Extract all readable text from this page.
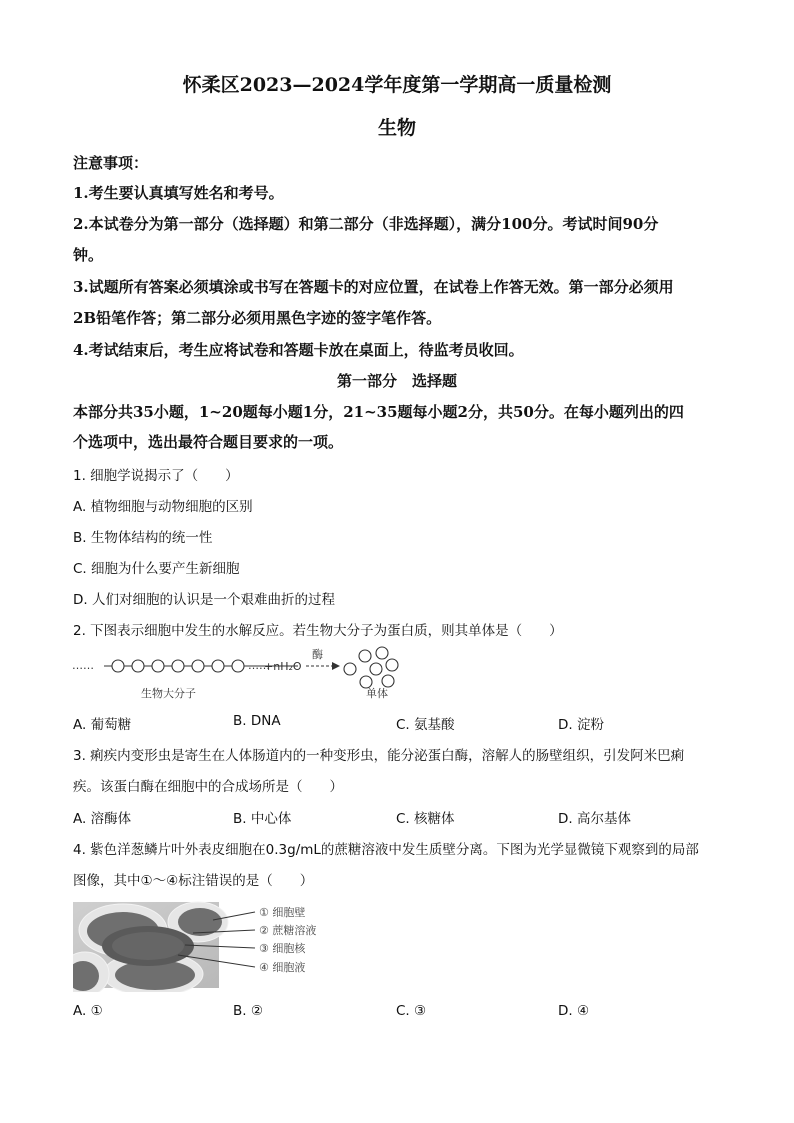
怀柔区2023—2024学年度第一学期高一质量检测
生物
注意事项：
1.考生要认真填写姓名和考号。
2.本试卷分为第一部分（选择题）和第二部分（非选择题），满分100分。考试时间90分
钟。
3.试题所有答案必须填涂或书写在答题卡的对应位置，在试卷上作答无效。第一部分必须用
2B铅笔作答；第二部分必须用黑色字迹的签字笔作答。
4.考试结束后，考生应将试卷和答题卡放在桌面上，待监考员收回。
第一部分　选择题
本部分共35小题，1~20题每小题1分，21~35题每小题2分，共50分。在每小题列出的四
个选项中，选出最符合题目要求的一项。
1. 细胞学说揭示了（　　）
A. 植物细胞与动物细胞的区别
B. 生物体结构的统一性
C. 细胞为什么要产生新细胞
D. 人们对细胞的认识是一个艰难曲折的过程
2. 下图表示细胞中发生的水解反应。若生物大分子为蛋白质，则其单体是（　　）
……	……
+nH₂O
酶
生物大分子	单体
A. 葡萄糖	B. DNA	C. 氨基酸	D. 淀粉
3. 痢疾内变形虫是寄生在人体肠道内的一种变形虫，能分泌蛋白酶，溶解人的肠壁组织，引发阿米巴痢
疾。该蛋白酶在细胞中的合成场所是（　　）
A. 溶酶体	B. 中心体	C. 核糖体	D. 高尔基体
4. 紫色洋葱鳞片叶外表皮细胞在0.3g/mL的蔗糖溶液中发生质壁分离。下图为光学显微镜下观察到的局部
图像，其中①～④标注错误的是（　　）
① 细胞壁
② 蔗糖溶液
③ 细胞核
④ 细胞液
A. ①	B. ②	C. ③	D. ④
